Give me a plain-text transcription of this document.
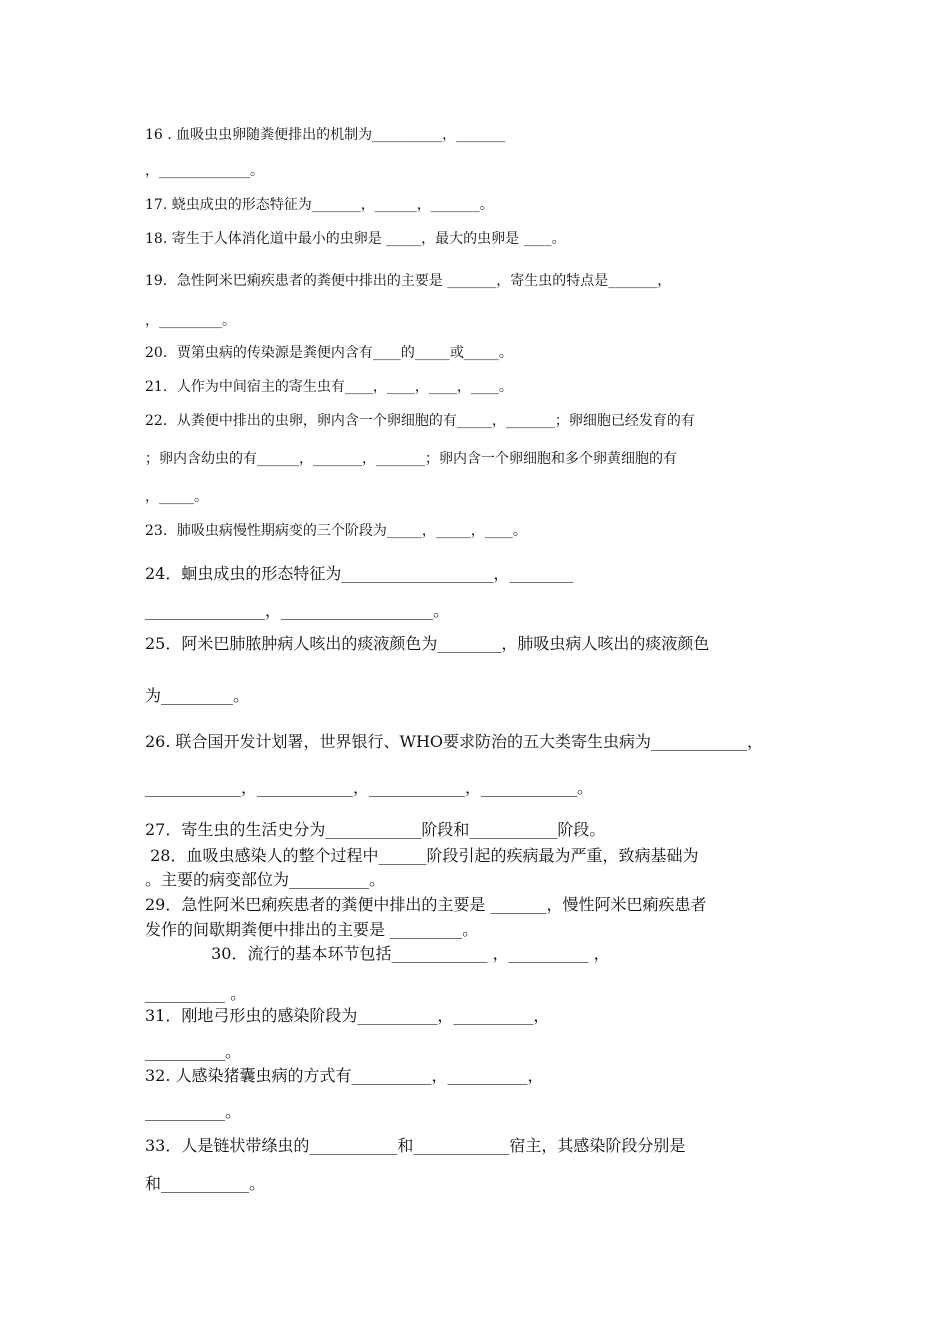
16 . 血吸虫虫卵随粪便排出的机制为__________，_______
，_____________。
17. 蛲虫成虫的形态特征为_______，______，_______。
18. 寄生于人体消化道中最小的虫卵是 _____，最大的虫卵是 ____。
19．急性阿米巴痢疾患者的粪便中排出的主要是 _______，寄生虫的特点是_______，
，_________。
20．贾第虫病的传染源是粪便内含有____的_____或_____。
21．人作为中间宿主的寄生虫有____，____，____，____。
22．从粪便中排出的虫卵，卵内含一个卵细胞的有_____，_______；卵细胞已经发育的有
；卵内含幼虫的有______，_______，_______；卵内含一个卵细胞和多个卵黄细胞的有
，_____。
23．肺吸虫病慢性期病变的三个阶段为_____，_____，____。
24．蛔虫成虫的形态特征为___________________，________
_______________，___________________。
25．阿米巴肺脓肿病人咳出的痰液颜色为________，肺吸虫病人咳出的痰液颜色
为_________。
26. 联合国开发计划署，世界银行、WHO要求防治的五大类寄生虫病为____________，
____________，____________，____________，____________。
27．寄生虫的生活史分为____________阶段和___________阶段。
28．血吸虫感染人的整个过程中______阶段引起的疾病最为严重，致病基础为
。主要的病变部位为__________。
29．急性阿米巴痢疾患者的粪便中排出的主要是 _______，慢性阿米巴痢疾患者
发作的间歇期粪便中排出的主要是 _________。
30．流行的基本环节包括____________ ，__________ ，
__________ 。
31．刚地弓形虫的感染阶段为__________，__________，
__________。
32. 人感染猪囊虫病的方式有__________，__________，
__________。
33．人是链状带绦虫的___________和____________宿主，其感染阶段分别是
和___________。
